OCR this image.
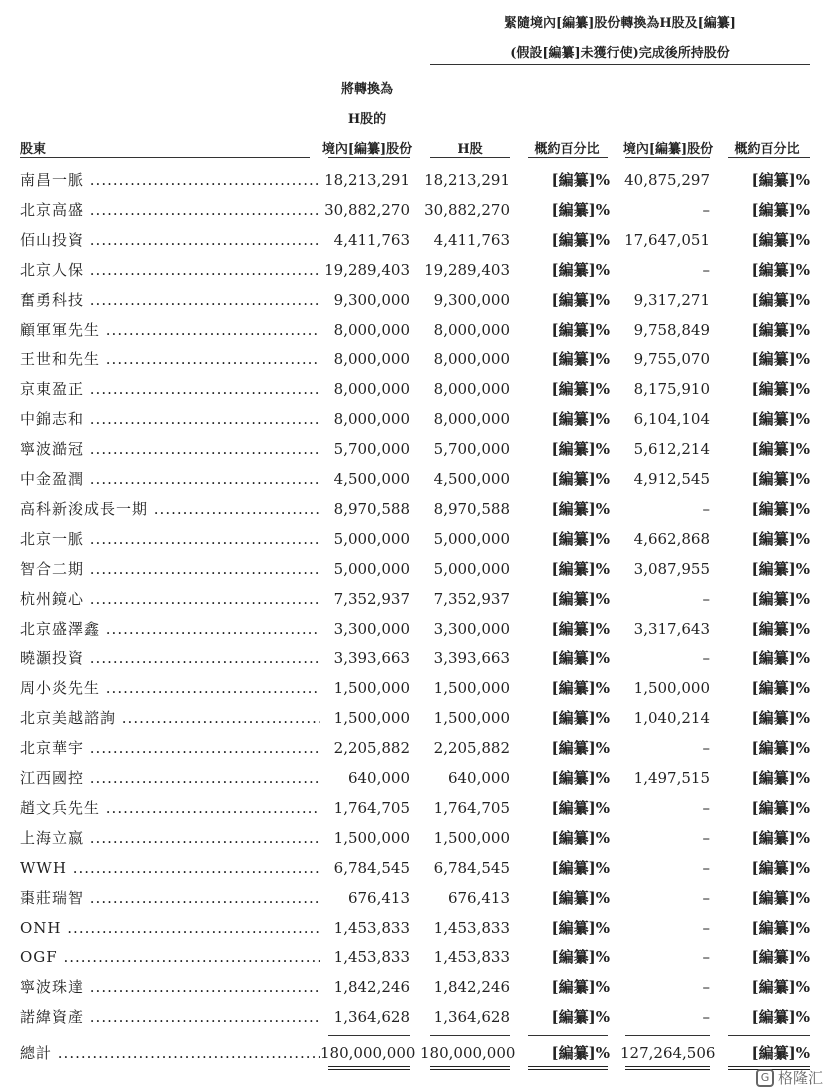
緊隨境內[編纂]股份轉換為H股及[編纂]
(假設[編纂]未獲行使)完成後所持股份
將轉換為
H股的
股東	境內[編纂]股份	H股	概約百分比 境內[編纂]股份 概約百分比
南昌一脈 .....	18,213,291 18,213,291	[編纂]% 40,875,297	[編纂]%
北京高盛 .....	30,882,270 30,882,270	[編纂]%	–	[編纂]%
佰山投資 .....	4,411,763	4,411,763	[編纂]% 17,647,051	[編纂]%
北京人保 .....	19,289,403 19,289,403	[編纂]%	–	[編纂]%
奮勇科技 .....	9,300,000	9,300,000	[編纂]%	9,317,271	[編纂]%
顧軍軍先生 .....	8,000,000	8,000,000	[編纂]%	9,758,849	[編纂]%
王世和先生 .....	8,000,000	8,000,000	[編纂]%	9,755,070	[編纂]%
京東盈正 .....	8,000,000	8,000,000	[編纂]%	8,175,910	[編纂]%
中錦志和 .....	8,000,000	8,000,000	[編纂]%	6,104,104	[編纂]%
寧波澔冠 .....	5,700,000	5,700,000	[編纂]%	5,612,214	[編纂]%
中金盈潤 .....	4,500,000	4,500,000	[編纂]%	4,912,545	[編纂]%
高科新浚成長一期 .....	8,970,588	8,970,588	[編纂]%	–	[編纂]%
北京一脈 .....	5,000,000	5,000,000	[編纂]%	4,662,868	[編纂]%
智合二期 .....	5,000,000	5,000,000	[編纂]%	3,087,955	[編纂]%
杭州鏡心 .....	7,352,937	7,352,937	[編纂]%	–	[編纂]%
北京盛澤鑫 .....	3,300,000	3,300,000	[編纂]%	3,317,643	[編纂]%
曉灝投資 .....	3,393,663	3,393,663	[編纂]%	–	[編纂]%
周小炎先生 .....	1,500,000	1,500,000	[編纂]%	1,500,000	[編纂]%
北京美越諮詢 .....	1,500,000	1,500,000	[編纂]%	1,040,214	[編纂]%
北京華宇 .....	2,205,882	2,205,882	[編纂]%	–	[編纂]%
江西國控 .....	640,000	640,000	[編纂]%	1,497,515	[編纂]%
趙文兵先生 .....	1,764,705	1,764,705	[編纂]%	–	[編纂]%
上海立嬴 .....	1,500,000	1,500,000	[編纂]%	–	[編纂]%
WWH .....	6,784,545	6,784,545	[編纂]%	–	[編纂]%
棗莊瑞智 .....	676,413	676,413	[編纂]%	–	[編纂]%
ONH .....	1,453,833	1,453,833	[編纂]%	–	[編纂]%
OGF .....	1,453,833	1,453,833	[編纂]%	–	[編纂]%
寧波珠達 .....	1,842,246	1,842,246	[編纂]%	–	[編纂]%
諾緯資產 .....	1,364,628	1,364,628	[編纂]%	–	[編纂]%
總計 .....	180,000,000 180,000,000	[編纂]% 127,264,506	[編纂]%
G 格隆汇
